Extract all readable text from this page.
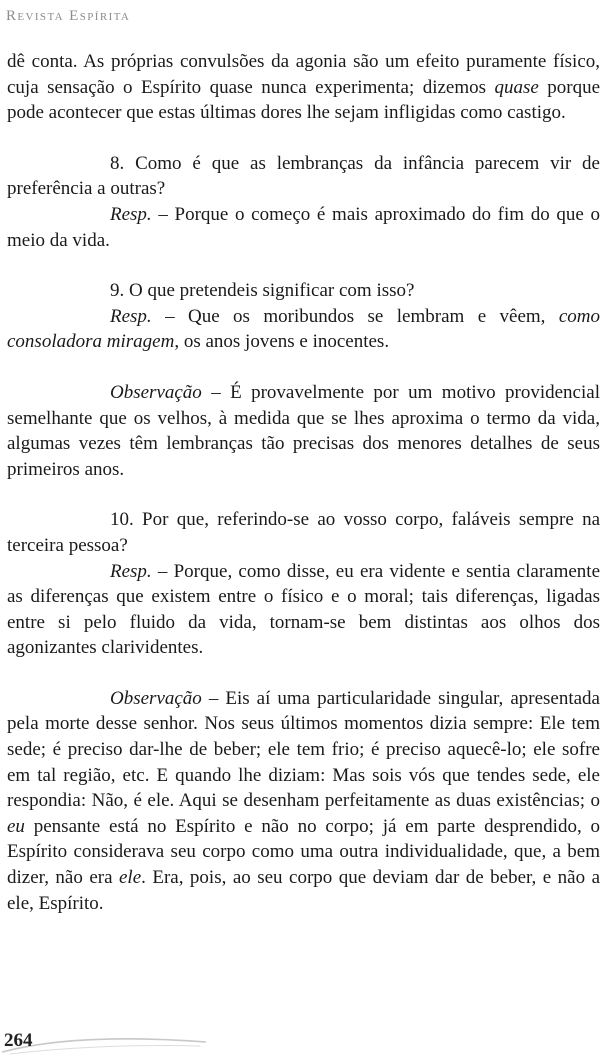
Revista Espírita

dê conta. As próprias convulsões da agonia são um efeito puramente físico, cuja sensação o Espírito quase nunca experimenta; dizemos quase porque pode acontecer que estas últimas dores lhe sejam infligidas como castigo.

8. Como é que as lembranças da infância parecem vir de preferência a outras?

Resp. – Porque o começo é mais aproximado do fim do que o meio da vida.

9. O que pretendeis significar com isso?

Resp. – Que os moribundos se lembram e vêem, como consoladora miragem, os anos jovens e inocentes.

Observação – É provavelmente por um motivo providencial semelhante que os velhos, à medida que se lhes aproxima o termo da vida, algumas vezes têm lembranças tão precisas dos menores detalhes de seus primeiros anos.

10. Por que, referindo-se ao vosso corpo, faláveis sempre na terceira pessoa?

Resp. – Porque, como disse, eu era vidente e sentia claramente as diferenças que existem entre o físico e o moral; tais diferenças, ligadas entre si pelo fluido da vida, tornam-se bem distintas aos olhos dos agonizantes clarividentes.

Observação – Eis aí uma particularidade singular, apresentada pela morte desse senhor. Nos seus últimos momentos dizia sempre: Ele tem sede; é preciso dar-lhe de beber; ele tem frio; é preciso aquecê-lo; ele sofre em tal região, etc. E quando lhe diziam: Mas sois vós que tendes sede, ele respondia: Não, é ele. Aqui se desenham perfeitamente as duas existências; o eu pensante está no Espírito e não no corpo; já em parte desprendido, o Espírito considerava seu corpo como uma outra individualidade, que, a bem dizer, não era ele. Era, pois, ao seu corpo que deviam dar de beber, e não a ele, Espírito.

264
